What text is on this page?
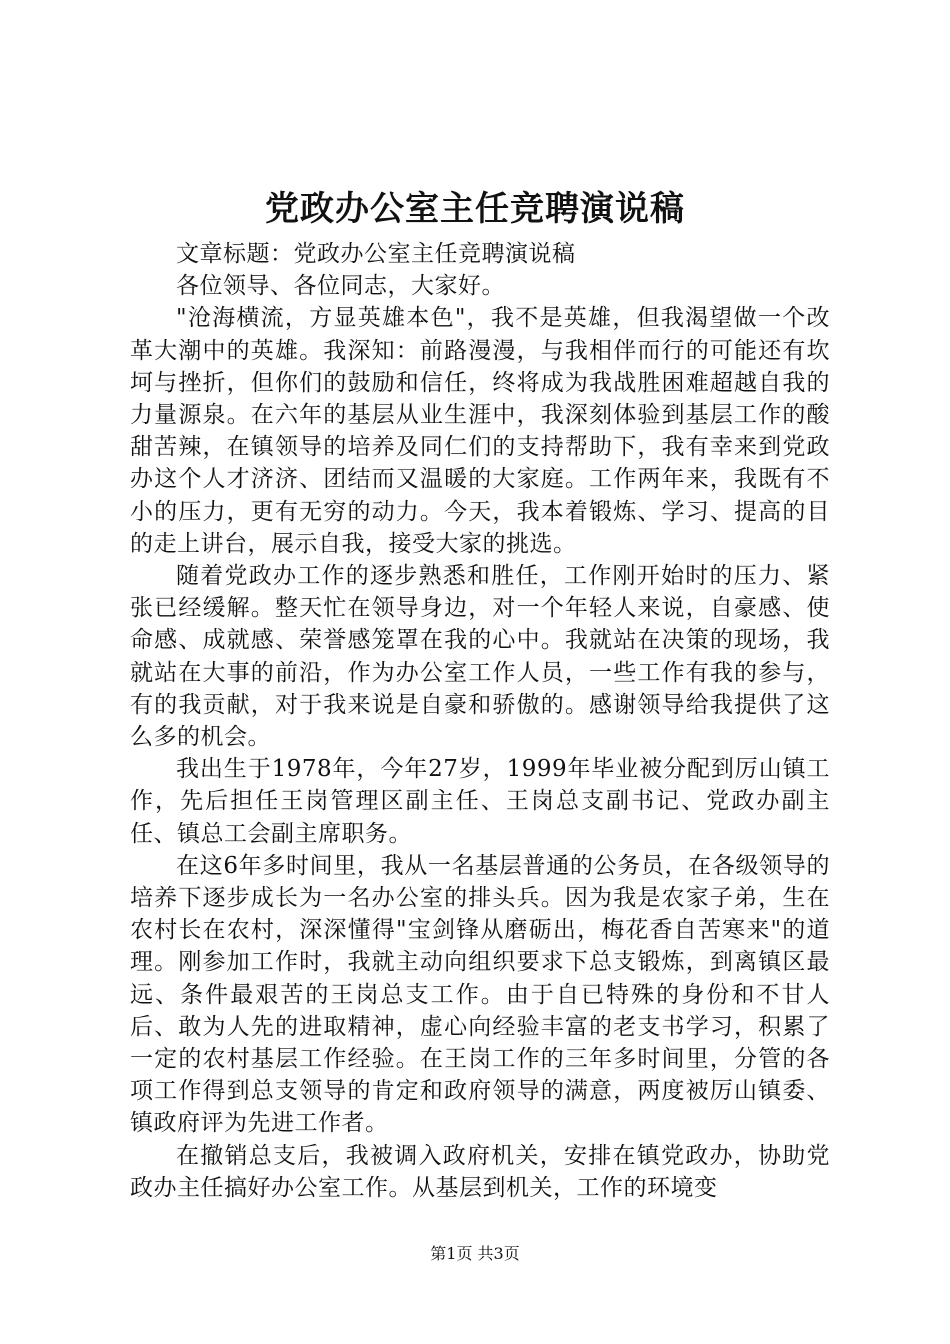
党政办公室主任竞聘演说稿

文章标题：党政办公室主任竞聘演说稿

各位领导、各位同志，大家好。

"沧海横流，方显英雄本色"，我不是英雄，但我渴望做一个改革大潮中的英雄。我深知：前路漫漫，与我相伴而行的可能还有坎坷与挫折，但你们的鼓励和信任，终将成为我战胜困难超越自我的力量源泉。在六年的基层从业生涯中，我深刻体验到基层工作的酸甜苦辣，在镇领导的培养及同仁们的支持帮助下，我有幸来到党政办这个人才济济、团结而又温暖的大家庭。工作两年来，我既有不小的压力，更有无穷的动力。今天，我本着锻炼、学习、提高的目的走上讲台，展示自我，接受大家的挑选。

随着党政办工作的逐步熟悉和胜任，工作刚开始时的压力、紧张已经缓解。整天忙在领导身边，对一个年轻人来说，自豪感、使命感、成就感、荣誉感笼罩在我的心中。我就站在决策的现场，我就站在大事的前沿，作为办公室工作人员，一些工作有我的参与，有的我贡献，对于我来说是自豪和骄傲的。感谢领导给我提供了这么多的机会。

我出生于1978年，今年27岁，1999年毕业被分配到厉山镇工作，先后担任王岗管理区副主任、王岗总支副书记、党政办副主任、镇总工会副主席职务。

在这6年多时间里，我从一名基层普通的公务员，在各级领导的培养下逐步成长为一名办公室的排头兵。因为我是农家子弟，生在农村长在农村，深深懂得"宝剑锋从磨砺出，梅花香自苦寒来"的道理。刚参加工作时，我就主动向组织要求下总支锻炼，到离镇区最远、条件最艰苦的王岗总支工作。由于自已特殊的身份和不甘人后、敢为人先的进取精神，虚心向经验丰富的老支书学习，积累了一定的农村基层工作经验。在王岗工作的三年多时间里，分管的各项工作得到总支领导的肯定和政府领导的满意，两度被厉山镇委、镇政府评为先进工作者。

在撤销总支后，我被调入政府机关，安排在镇党政办，协助党政办主任搞好办公室工作。从基层到机关，工作的环境变

第1页 共3页
